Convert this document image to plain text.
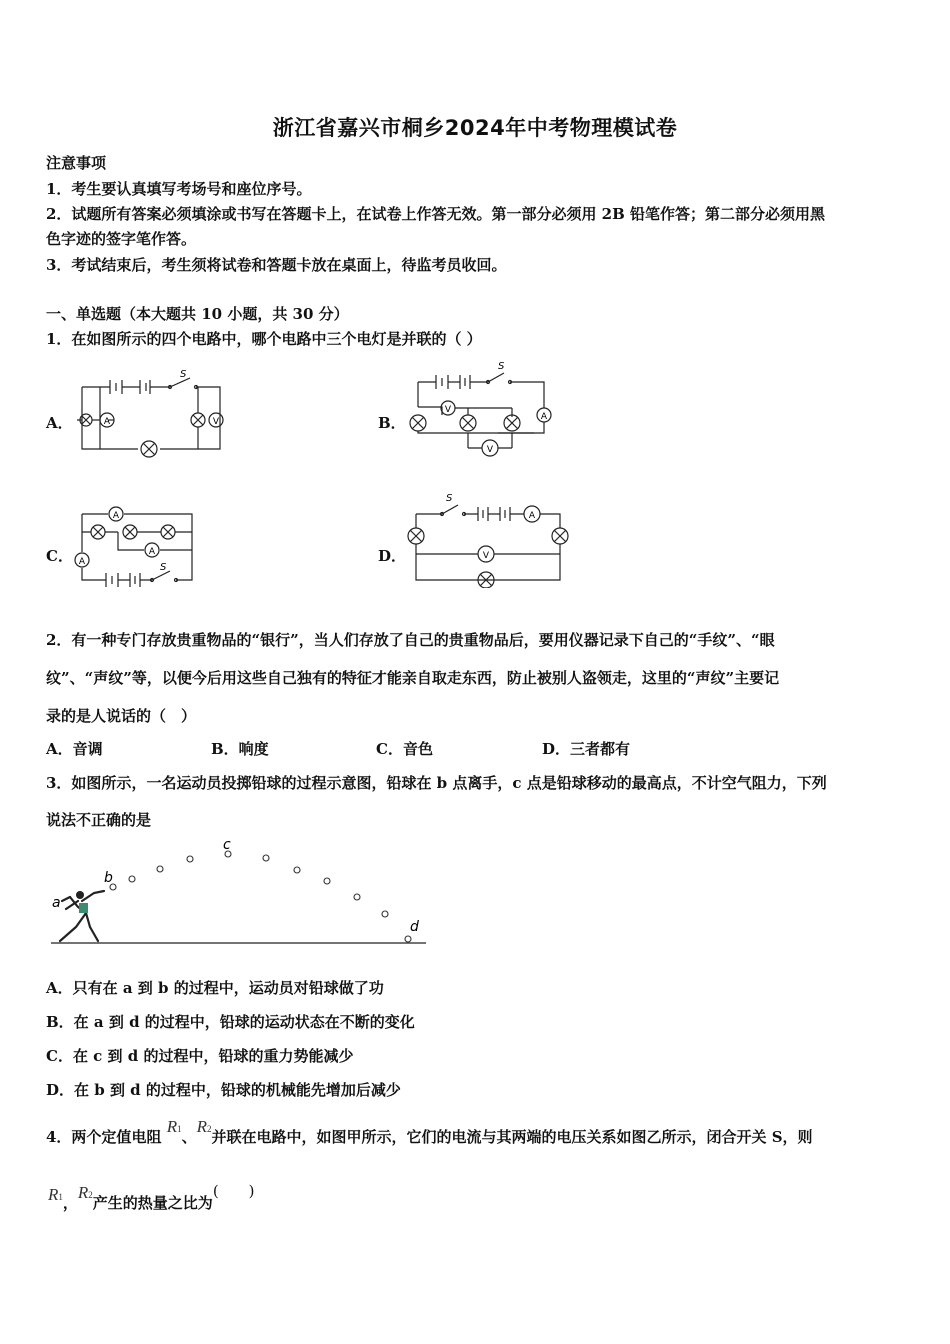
浙江省嘉兴市桐乡2024年中考物理模试卷
注意事项
1．考生要认真填写考场号和座位序号。
2．试题所有答案必须填涂或书写在答题卡上，在试卷上作答无效。第一部分必须用 2B 铅笔作答；第二部分必须用黑
色字迹的签字笔作答。
3．考试结束后，考生须将试卷和答题卡放在桌面上，待监考员收回。
一、单选题（本大题共 10 小题，共 30 分）
1．在如图所示的四个电路中，哪个电路中三个电灯是并联的（ ）
A．	B．
C．	D．
A	V
S
A
V
V
S
A
A
A	S
A
V
S
2．有一种专门存放贵重物品的“银行”，当人们存放了自己的贵重物品后，要用仪器记录下自己的“手纹”、“眼
纹”、“声纹”等，以便今后用这些自己独有的特征才能亲自取走东西，防止被别人盗领走，这里的“声纹”主要记
录的是人说话的（　）
A．音调	B．响度	C．音色	D．三者都有
3．如图所示，一名运动员投掷铅球的过程示意图，铅球在 b 点离手，c 点是铅球移动的最高点，不计空气阻力，下列
说法不正确的是
a
b
c
d
A．只有在 a 到 b 的过程中，运动员对铅球做了功
B．在 a 到 d 的过程中，铅球的运动状态在不断的变化
C．在 c 到 d 的过程中，铅球的重力势能减少
D．在 b 到 d 的过程中，铅球的机械能先增加后减少
4．两个定值电阻 R1、R2并联在电路中，如图甲所示，它们的电流与其两端的电压关系如图乙所示，闭合开关 S，则
R1，R2产生的热量之比为(　　)
